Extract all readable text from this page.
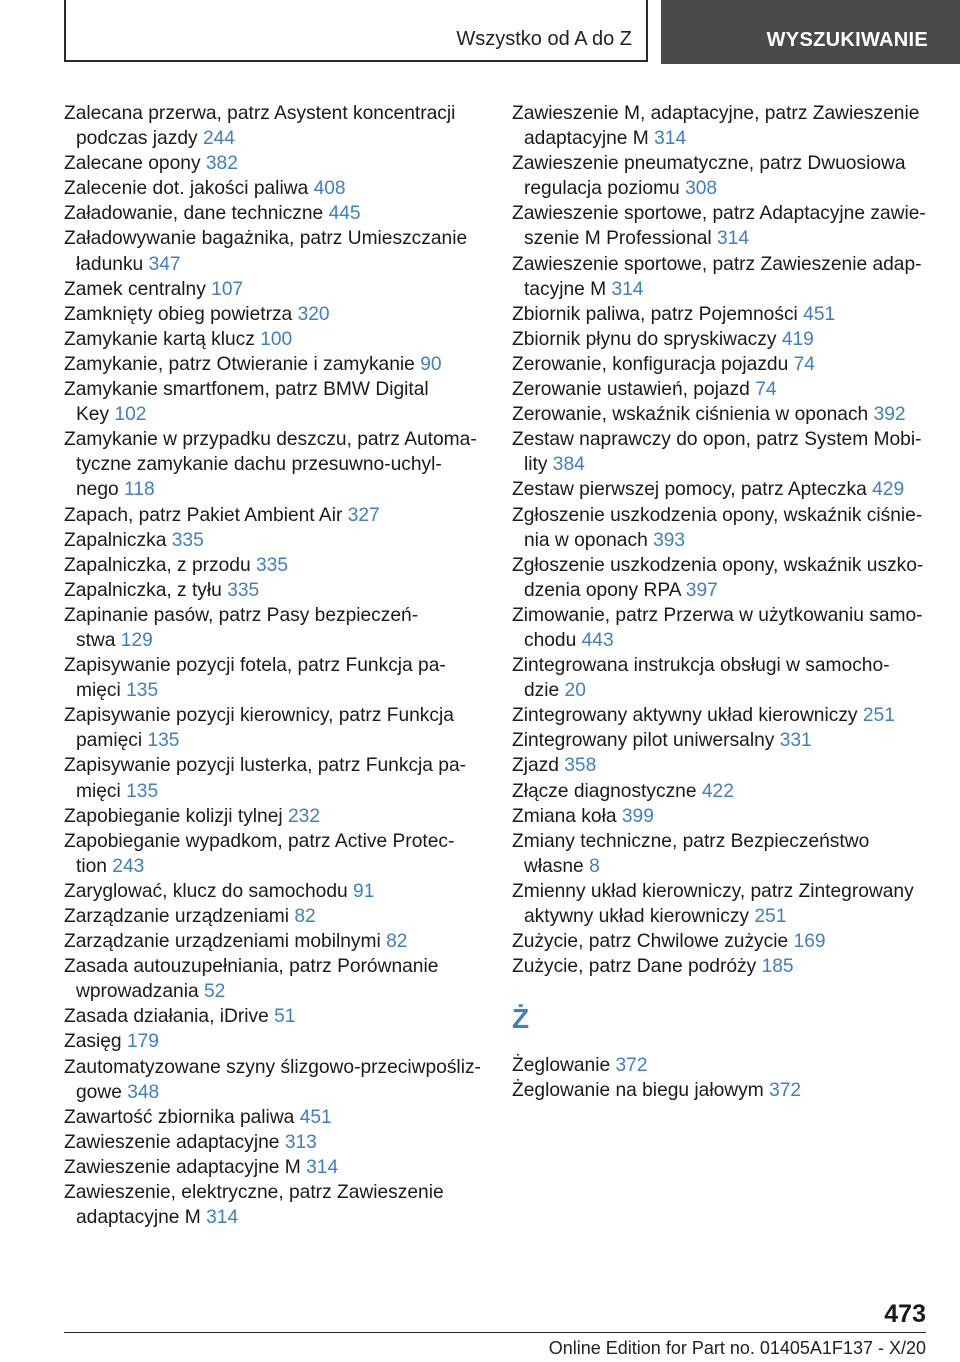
Wszystko od A do Z	WYSZUKIWANIE
Zalecana przerwa, patrz Asystent koncentracji
podczas jazdy 244
Zalecane opony 382
Zalecenie dot. jakości paliwa 408
Załadowanie, dane techniczne 445
Załadowywanie bagażnika, patrz Umieszczanie
ładunku 347
Zamek centralny 107
Zamknięty obieg powietrza 320
Zamykanie kartą klucz 100
Zamykanie, patrz Otwieranie i zamykanie 90
Zamykanie smartfonem, patrz BMW Digital
Key 102
Zamykanie w przypadku deszczu, patrz Automa-
tyczne zamykanie dachu przesuwno-uchyl-
nego 118
Zapach, patrz Pakiet Ambient Air 327
Zapalniczka 335
Zapalniczka, z przodu 335
Zapalniczka, z tyłu 335
Zapinanie pasów, patrz Pasy bezpieczeń-
stwa 129
Zapisywanie pozycji fotela, patrz Funkcja pa-
mięci 135
Zapisywanie pozycji kierownicy, patrz Funkcja
pamięci 135
Zapisywanie pozycji lusterka, patrz Funkcja pa-
mięci 135
Zapobieganie kolizji tylnej 232
Zapobieganie wypadkom, patrz Active Protec-
tion 243
Zaryglować, klucz do samochodu 91
Zarządzanie urządzeniami 82
Zarządzanie urządzeniami mobilnymi 82
Zasada autouzupełniania, patrz Porównanie
wprowadzania 52
Zasada działania, iDrive 51
Zasięg 179
Zautomatyzowane szyny ślizgowo-przeciwpośliz-
gowe 348
Zawartość zbiornika paliwa 451
Zawieszenie adaptacyjne 313
Zawieszenie adaptacyjne M 314
Zawieszenie, elektryczne, patrz Zawieszenie
adaptacyjne M 314
Zawieszenie M, adaptacyjne, patrz Zawieszenie
adaptacyjne M 314
Zawieszenie pneumatyczne, patrz Dwuosiowa
regulacja poziomu 308
Zawieszenie sportowe, patrz Adaptacyjne zawie-
szenie M Professional 314
Zawieszenie sportowe, patrz Zawieszenie adap-
tacyjne M 314
Zbiornik paliwa, patrz Pojemności 451
Zbiornik płynu do spryskiwaczy 419
Zerowanie, konfiguracja pojazdu 74
Zerowanie ustawień, pojazd 74
Zerowanie, wskaźnik ciśnienia w oponach 392
Zestaw naprawczy do opon, patrz System Mobi-
lity 384
Zestaw pierwszej pomocy, patrz Apteczka 429
Zgłoszenie uszkodzenia opony, wskaźnik ciśnie-
nia w oponach 393
Zgłoszenie uszkodzenia opony, wskaźnik uszko-
dzenia opony RPA 397
Zimowanie, patrz Przerwa w użytkowaniu samo-
chodu 443
Zintegrowana instrukcja obsługi w samocho-
dzie 20
Zintegrowany aktywny układ kierowniczy 251
Zintegrowany pilot uniwersalny 331
Zjazd 358
Złącze diagnostyczne 422
Zmiana koła 399
Zmiany techniczne, patrz Bezpieczeństwo
własne 8
Zmienny układ kierowniczy, patrz Zintegrowany
aktywny układ kierowniczy 251
Zużycie, patrz Chwilowe zużycie 169
Zużycie, patrz Dane podróży 185
Ż
Żeglowanie 372
Żeglowanie na biegu jałowym 372
473
Online Edition for Part no. 01405A1F137 - X/20
